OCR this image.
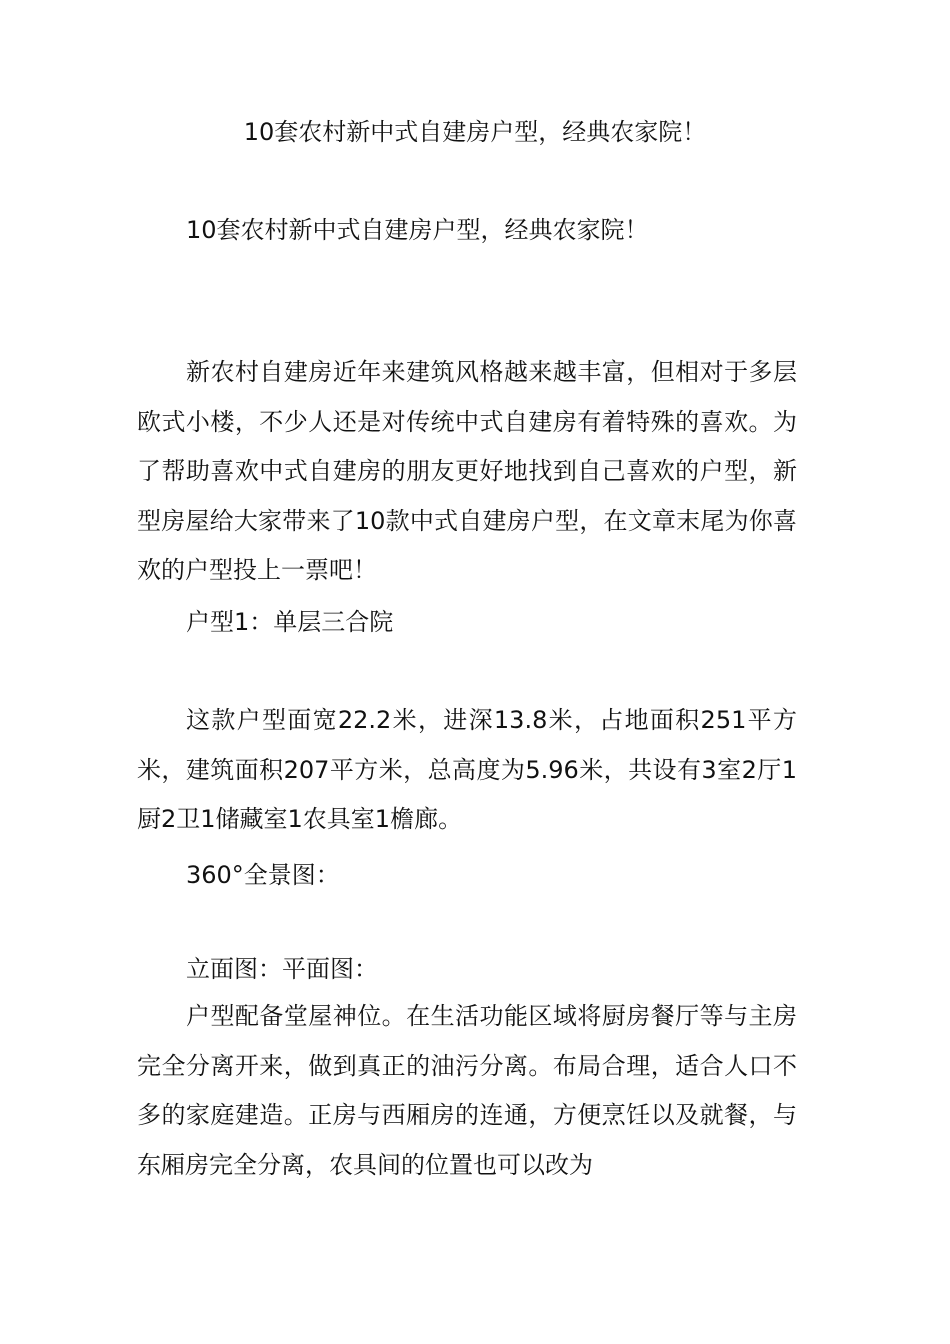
10套农村新中式自建房户型，经典农家院！
10套农村新中式自建房户型，经典农家院！

新农村自建房近年来建筑风格越来越丰富，但相对于多层欧式小楼，不少人还是对传统中式自建房有着特殊的喜欢。为了帮助喜欢中式自建房的朋友更好地找到自己喜欢的户型，新型房屋给大家带来了10款中式自建房户型，在文章末尾为你喜欢的户型投上一票吧！

户型1：单层三合院

这款户型面宽22.2米，进深13.8米，占地面积251平方米，建筑面积207平方米，总高度为5.96米，共设有3室2厅1厨2卫1储藏室1农具室1檐廊。

360°全景图：
立面图：平面图：

户型配备堂屋神位。在生活功能区域将厨房餐厅等与主房完全分离开来，做到真正的油污分离。布局合理，适合人口不多的家庭建造。正房与西厢房的连通，方便烹饪以及就餐，与东厢房完全分离，农具间的位置也可以改为
